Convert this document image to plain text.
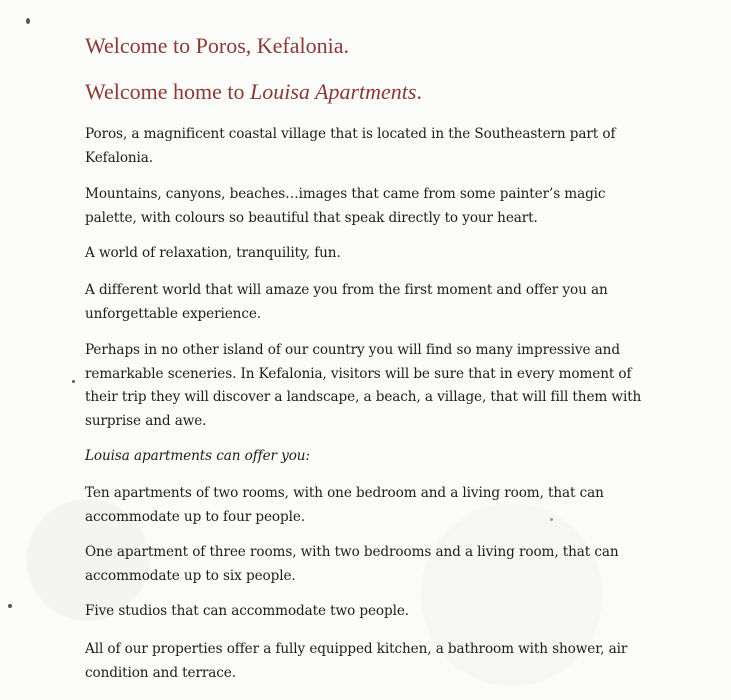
Welcome to Poros, Kefalonia.
Welcome home to Louisa Apartments.

Poros, a magnificent coastal village that is located in the Southeastern part of Kefalonia.

Mountains, canyons, beaches…images that came from some painter’s magic palette, with colours so beautiful that speak directly to your heart.

A world of relaxation, tranquility, fun.

A different world that will amaze you from the first moment and offer you an unforgettable experience.

Perhaps in no other island of our country you will find so many impressive and remarkable sceneries. In Kefalonia, visitors will be sure that in every moment of their trip they will discover a landscape, a beach, a village, that will fill them with surprise and awe.

Louisa apartments can offer you:

Ten apartments of two rooms, with one bedroom and a living room, that can accommodate up to four people.

One apartment of three rooms, with two bedrooms and a living room, that can accommodate up to six people.

Five studios that can accommodate two people.

All of our properties offer a fully equipped kitchen, a bathroom with shower, air condition and terrace.
